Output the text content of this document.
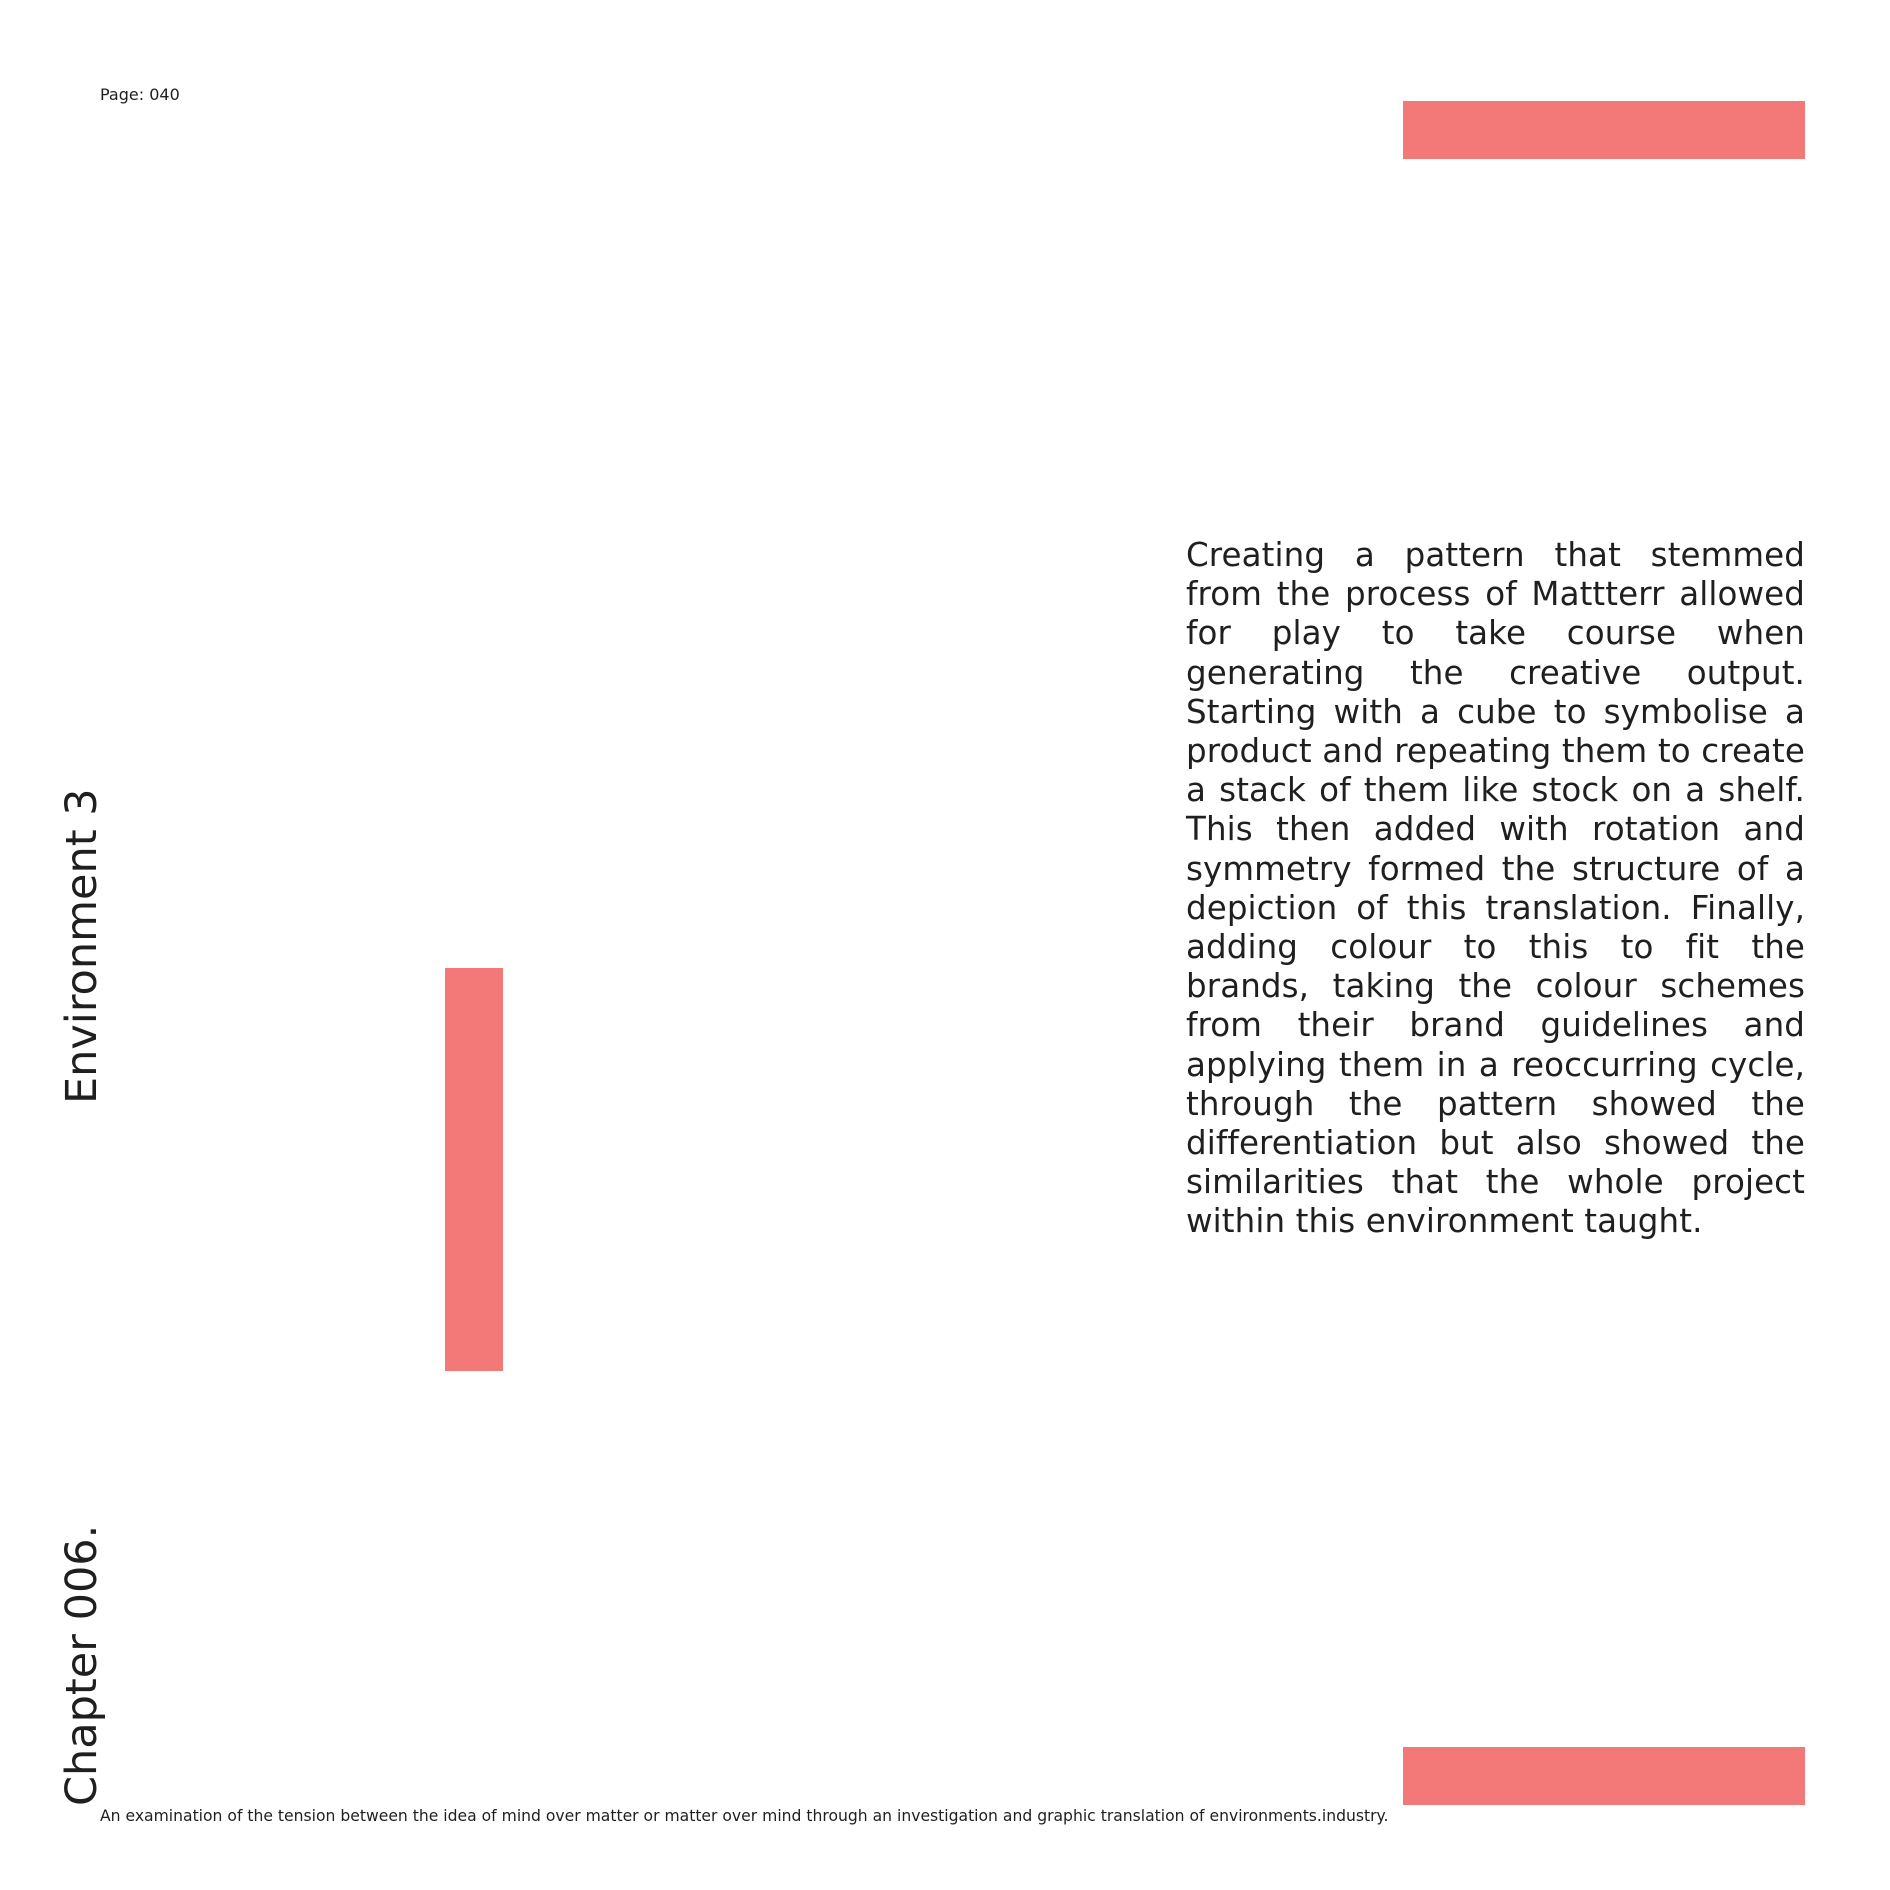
Page: 040

Creating a pattern that stemmed from the process of Mattterr allowed for play to take course when generating the creative output. Starting with a cube to symbolise a product and repeating them to create a stack of them like stock on a shelf. This then added with rotation and symmetry formed the structure of a depiction of this translation. Finally, adding colour to this to fit the brands, taking the colour schemes from their brand guidelines and applying them in a reoccurring cycle, through the pattern showed the differentiation but also showed the similarities that the whole project within this environment taught.

Environment 3
Chapter 006.
An examination of the tension between the idea of mind over matter or matter over mind through an investigation and graphic translation of environments.industry.
